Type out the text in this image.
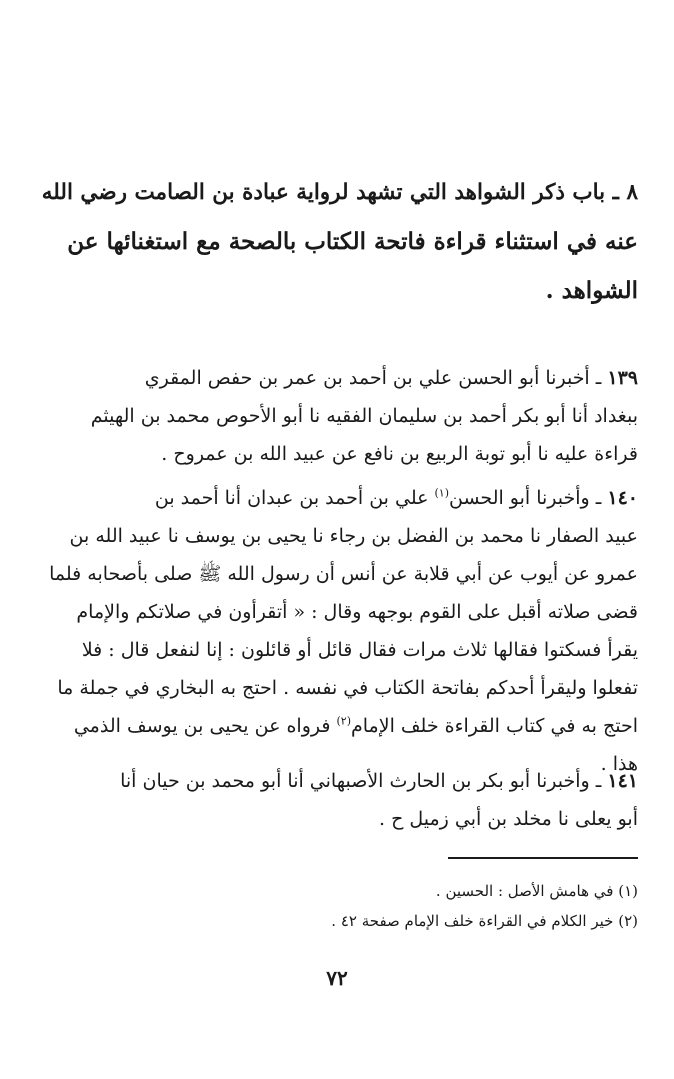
٨ ـ باب ذكر الشواهد التي تشهد لرواية عبادة بن الصامت رضي الله
عنه في استثناء قراءة فاتحة الكتاب بالصحة مع استغنائها عن
الشواهد .
١٣٩ ـ أخبرنا أبو الحسن علي بن أحمد بن عمر بن حفص المقري
ببغداد أنا أبو بكر أحمد بن سليمان الفقيه نا أبو الأحوص محمد بن الهيثم
قراءة عليه نا أبو توبة الربيع بن نافع عن عبيد الله بن عمروح .
١٤٠ ـ وأخبرنا أبو الحسن$^{(١)}$ علي بن أحمد بن عبدان أنا أحمد بن
عبيد الصفار نا محمد بن الفضل بن رجاء نا يحيى بن يوسف نا عبيد الله بن
عمرو عن أيوب عن أبي قلابة عن أنس أن رسول الله ﷺ صلى بأصحابه فلما
قضى صلاته أقبل على القوم بوجهه وقال : « أتقرأون في صلاتكم والإمام
يقرأ فسكتوا فقالها ثلاث مرات فقال قائل أو قائلون : إنا لنفعل قال : فلا
تفعلوا وليقرأ أحدكم بفاتحة الكتاب في نفسه . احتج به البخاري في جملة ما
احتج به في كتاب القراءة خلف الإمام$^{(٢)}$ فرواه عن يحيى بن يوسف الذمي
هذا .
١٤١ ـ وأخبرنا أبو بكر بن الحارث الأصبهاني أنا أبو محمد بن حيان أنا
أبو يعلى نا مخلد بن أبي زميل ح .
(١) في هامش الأصل : الحسين .
(٢) خير الكلام في القراءة خلف الإمام صفحة ٤٢ .
٧٢
